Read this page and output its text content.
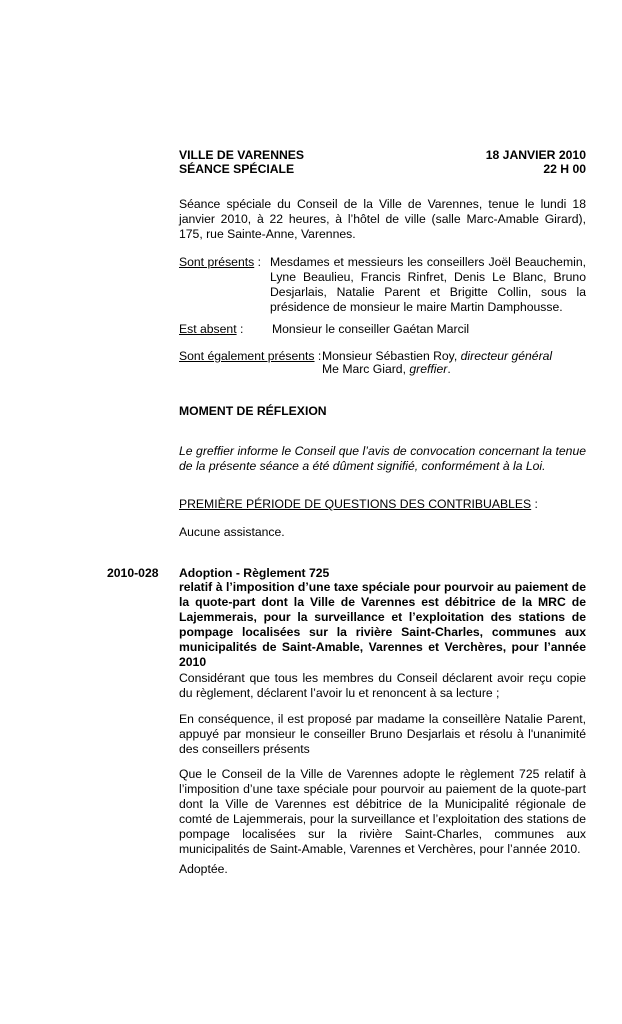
VILLE DE VARENNES
SÉANCE SPÉCIALE
18 JANVIER 2010
22 H 00
Séance spéciale du Conseil de la Ville de Varennes, tenue le lundi 18 janvier 2010, à 22 heures, à l’hôtel de ville (salle Marc-Amable Girard), 175, rue Sainte-Anne, Varennes.
Sont présents : Mesdames et messieurs les conseillers Joël Beauchemin, Lyne Beaulieu, Francis Rinfret, Denis Le Blanc, Bruno Desjarlais, Natalie Parent et Brigitte Collin, sous la présidence de monsieur le maire Martin Damphousse.
Est absent : Monsieur le conseiller Gaétan Marcil
Sont également présents : Monsieur Sébastien Roy, directeur général
Me Marc Giard, greffier.
MOMENT DE RÉFLEXION
Le greffier informe le Conseil que l’avis de convocation concernant la tenue de la présente séance a été dûment signifié, conformément à la Loi.
PREMIÈRE PÉRIODE DE QUESTIONS DES CONTRIBUABLES :
Aucune assistance.
2010-028 Adoption - Règlement 725
relatif à l’imposition d’une taxe spéciale pour pourvoir au paiement de la quote-part dont la Ville de Varennes est débitrice de la MRC de Lajemmerais, pour la surveillance et l’exploitation des stations de pompage localisées sur la rivière Saint-Charles, communes aux municipalités de Saint-Amable, Varennes et Verchères, pour l’année 2010
Considérant que tous les membres du Conseil déclarent avoir reçu copie du règlement, déclarent l’avoir lu et renoncent à sa lecture ;
En conséquence, il est proposé par madame la conseillère Natalie Parent, appuyé par monsieur le conseiller Bruno Desjarlais et résolu à l'unanimité des conseillers présents
Que le Conseil de la Ville de Varennes adopte le règlement 725 relatif à l’imposition d’une taxe spéciale pour pourvoir au paiement de la quote-part dont la Ville de Varennes est débitrice de la Municipalité régionale de comté de Lajemmerais, pour la surveillance et l’exploitation des stations de pompage localisées sur la rivière Saint-Charles, communes aux municipalités de Saint-Amable, Varennes et Verchères, pour l’année 2010.
Adoptée.
